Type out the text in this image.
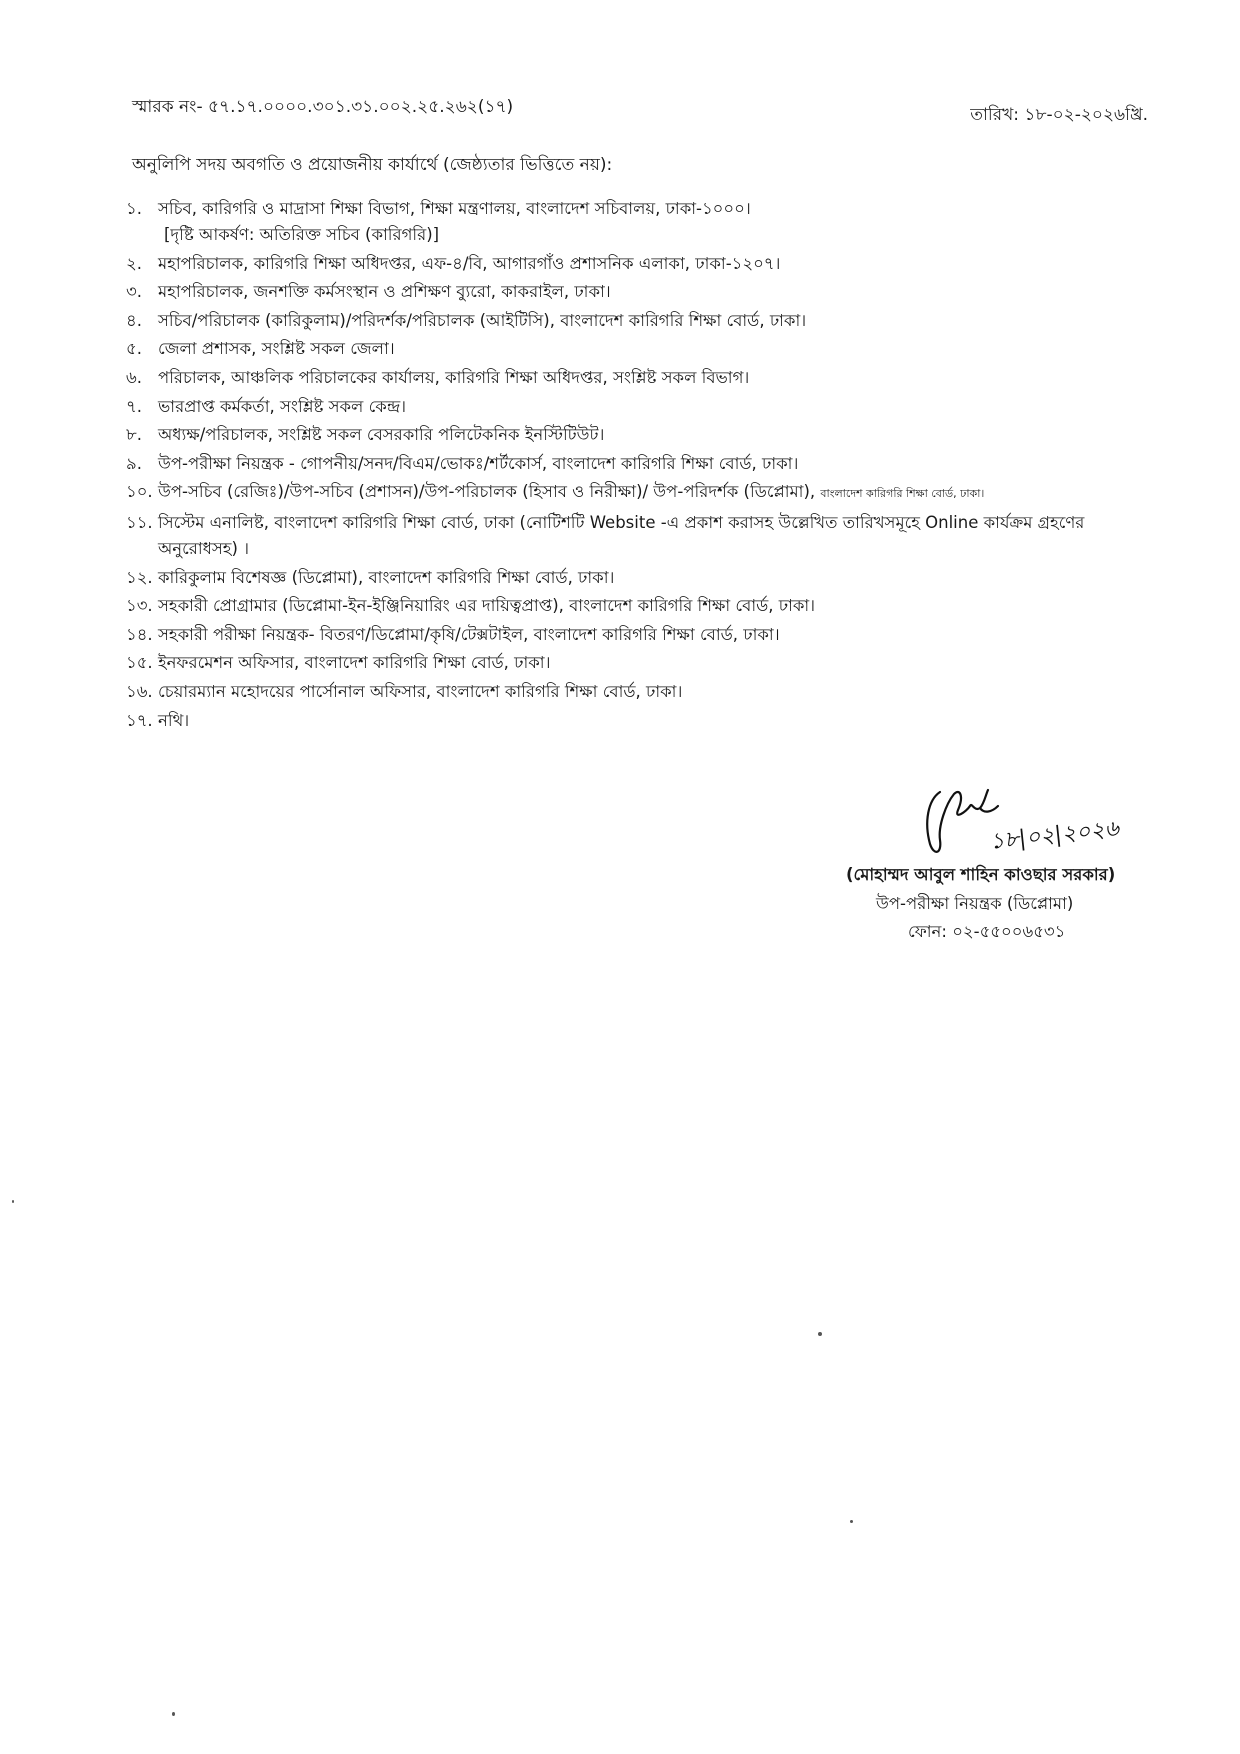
স্মারক নং- ৫৭.১৭.০০০০.৩০১.৩১.০০২.২৫.২৬২(১৭)	তারিখ: ১৮-০২-২০২৬খ্রি.
অনুলিপি সদয় অবগতি ও প্রয়োজনীয় কার্যার্থে (জেষ্ঠ্যতার ভিত্তিতে নয়):
১. সচিব, কারিগরি ও মাদ্রাসা শিক্ষা বিভাগ, শিক্ষা মন্ত্রণালয়, বাংলাদেশ সচিবালয়, ঢাকা-১০০০।
[দৃষ্টি আকর্ষণ: অতিরিক্ত সচিব (কারিগরি)]
২. মহাপরিচালক, কারিগরি শিক্ষা অধিদপ্তর, এফ-৪/বি, আগারগাঁও প্রশাসনিক এলাকা, ঢাকা-১২০৭।
৩. মহাপরিচালক, জনশক্তি কর্মসংস্থান ও প্রশিক্ষণ ব্যুরো, কাকরাইল, ঢাকা।
৪. সচিব/পরিচালক (কারিকুলাম)/পরিদর্শক/পরিচালক (আইটিসি), বাংলাদেশ কারিগরি শিক্ষা বোর্ড, ঢাকা।
৫. জেলা প্রশাসক, সংশ্লিষ্ট সকল জেলা।
৬. পরিচালক, আঞ্চলিক পরিচালকের কার্যালয়, কারিগরি শিক্ষা অধিদপ্তর, সংশ্লিষ্ট সকল বিভাগ।
৭. ভারপ্রাপ্ত কর্মকর্তা, সংশ্লিষ্ট সকল কেন্দ্র।
৮. অধ্যক্ষ/পরিচালক, সংশ্লিষ্ট সকল বেসরকারি পলিটেকনিক ইনস্টিটিউট।
৯. উপ-পরীক্ষা নিয়ন্ত্রক - গোপনীয়/সনদ/বিএম/ভোকঃ/শর্টকোর্স, বাংলাদেশ কারিগরি শিক্ষা বোর্ড, ঢাকা।
১০. উপ-সচিব (রেজিঃ)/উপ-সচিব (প্রশাসন)/উপ-পরিচালক (হিসাব ও নিরীক্ষা)/ উপ-পরিদর্শক (ডিপ্লোমা), বাংলাদেশ কারিগরি শিক্ষা বোর্ড, ঢাকা।
১১. সিস্টেম এনালিষ্ট, বাংলাদেশ কারিগরি শিক্ষা বোর্ড, ঢাকা (নোটিশটি Website -এ প্রকাশ করাসহ উল্লেখিত তারিখসমূহে Online কার্যক্রম গ্রহণের অনুরোধসহ) ।
১২. কারিকুলাম বিশেষজ্ঞ (ডিপ্লোমা), বাংলাদেশ কারিগরি শিক্ষা বোর্ড, ঢাকা।
১৩. সহকারী প্রোগ্রামার (ডিপ্লোমা-ইন-ইঞ্জিনিয়ারিং এর দায়িত্বপ্রাপ্ত), বাংলাদেশ কারিগরি শিক্ষা বোর্ড, ঢাকা।
১৪. সহকারী পরীক্ষা নিয়ন্ত্রক- বিতরণ/ডিপ্লোমা/কৃষি/টেক্সটাইল, বাংলাদেশ কারিগরি শিক্ষা বোর্ড, ঢাকা।
১৫. ইনফরমেশন অফিসার, বাংলাদেশ কারিগরি শিক্ষা বোর্ড, ঢাকা।
১৬. চেয়ারম্যান মহোদয়ের পার্সোনাল অফিসার, বাংলাদেশ কারিগরি শিক্ষা বোর্ড, ঢাকা।
১৭. নথি।
১৮|০২|২০২৬
(মোহাম্মদ আবুল শাহিন কাওছার সরকার)
উপ-পরীক্ষা নিয়ন্ত্রক (ডিপ্লোমা)
ফোন: ০২-৫৫০০৬৫৩১
